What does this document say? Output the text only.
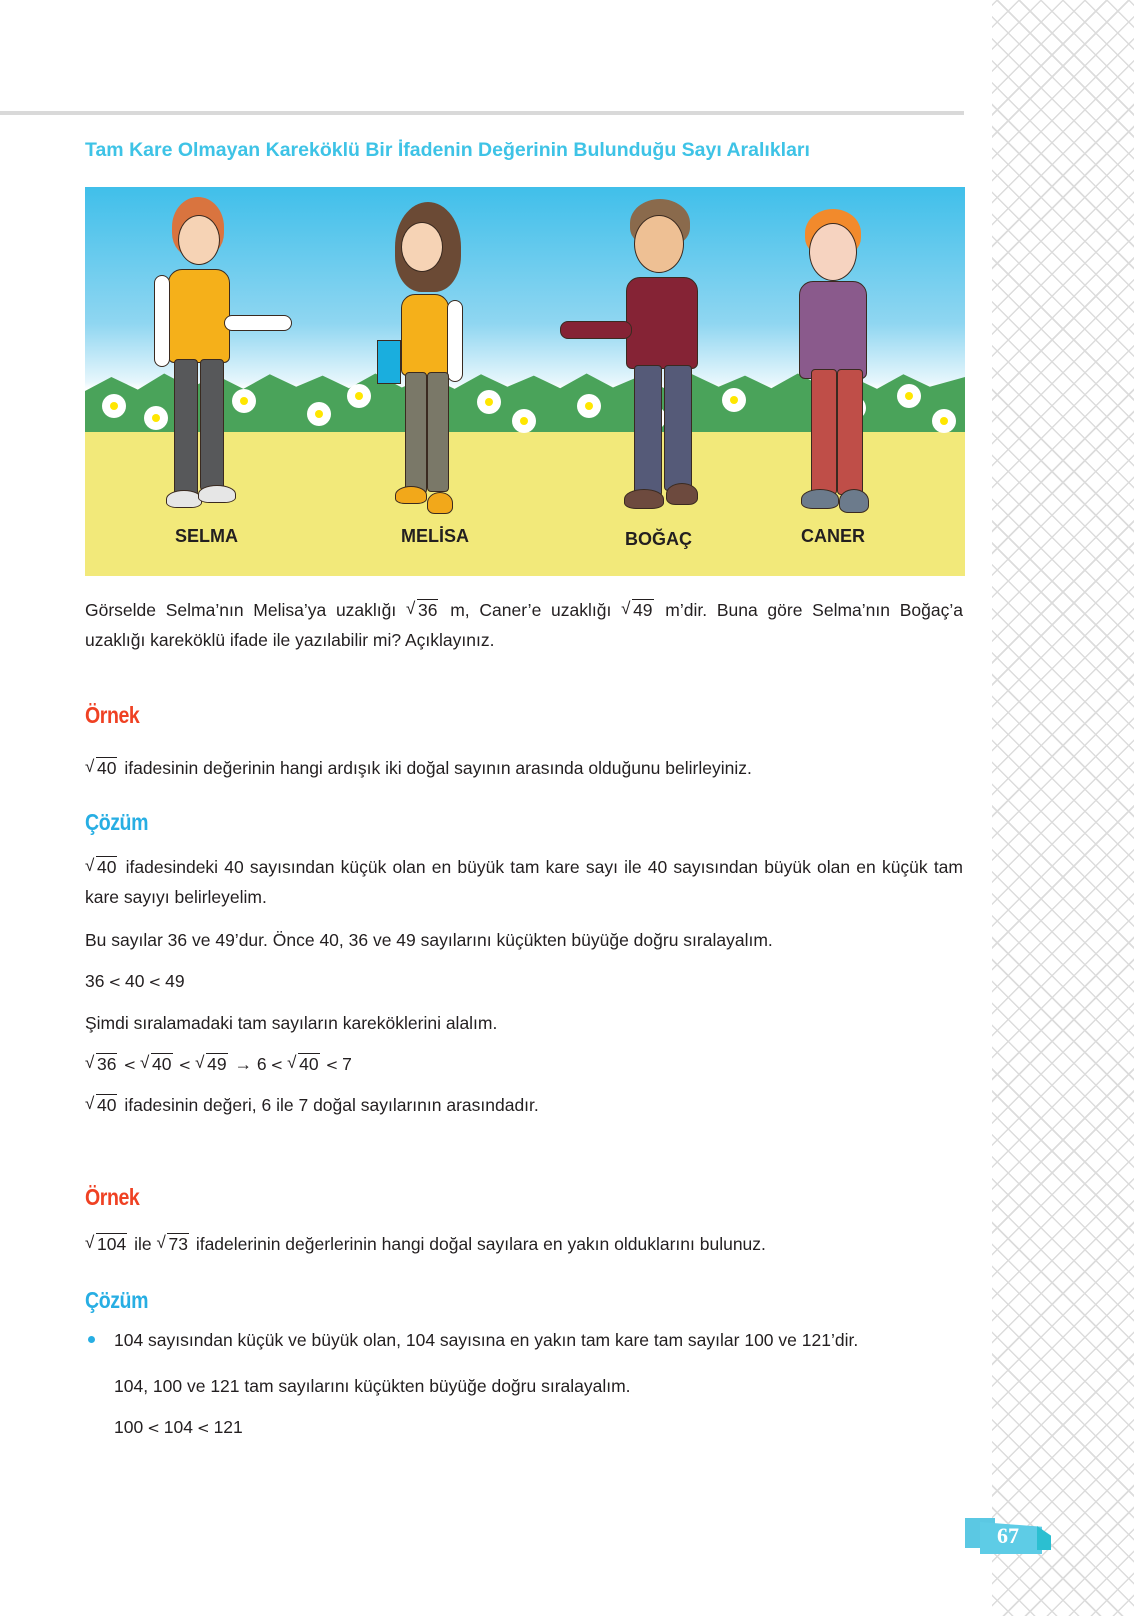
Tam Kare Olmayan Kareköklü Bir İfadenin Değerinin Bulunduğu Sayı Aralıkları
SELMA	MELİSA	BOĞAÇ	CANER
Görselde Selma’nın Melisa’ya uzaklığı √ 36 m, Caner’e uzaklığı √ 49 m’dir. Buna göre Selma’nın Boğaç’a uzaklığı kareköklü ifade ile yazılabilir mi? Açıklayınız.
Örnek
√ 40 ifadesinin değerinin hangi ardışık iki doğal sayının arasında olduğunu belirleyiniz.
Çözüm
√ 40 ifadesindeki 40 sayısından küçük olan en büyük tam kare sayı ile 40 sayısından büyük olan en küçük tam kare sayıyı belirleyelim.
Bu sayılar 36 ve 49’dur. Önce 40, 36 ve 49 sayılarını küçükten büyüğe doğru sıralayalım.
36 < 40 < 49
Şimdi sıralamadaki tam sayıların kareköklerini alalım.
√ 36 < √ 40 < √ 49 → 6 < √ 40 < 7
√ 40 ifadesinin değeri, 6 ile 7 doğal sayılarının arasındadır.
Örnek
√ 104 ile √ 73 ifadelerinin değerlerinin hangi doğal sayılara en yakın olduklarını bulunuz.
Çözüm
104 sayısından küçük ve büyük olan, 104 sayısına en yakın tam kare tam sayılar 100 ve 121’dir.
104, 100 ve 121 tam sayılarını küçükten büyüğe doğru sıralayalım.
100 < 104 < 121
67
